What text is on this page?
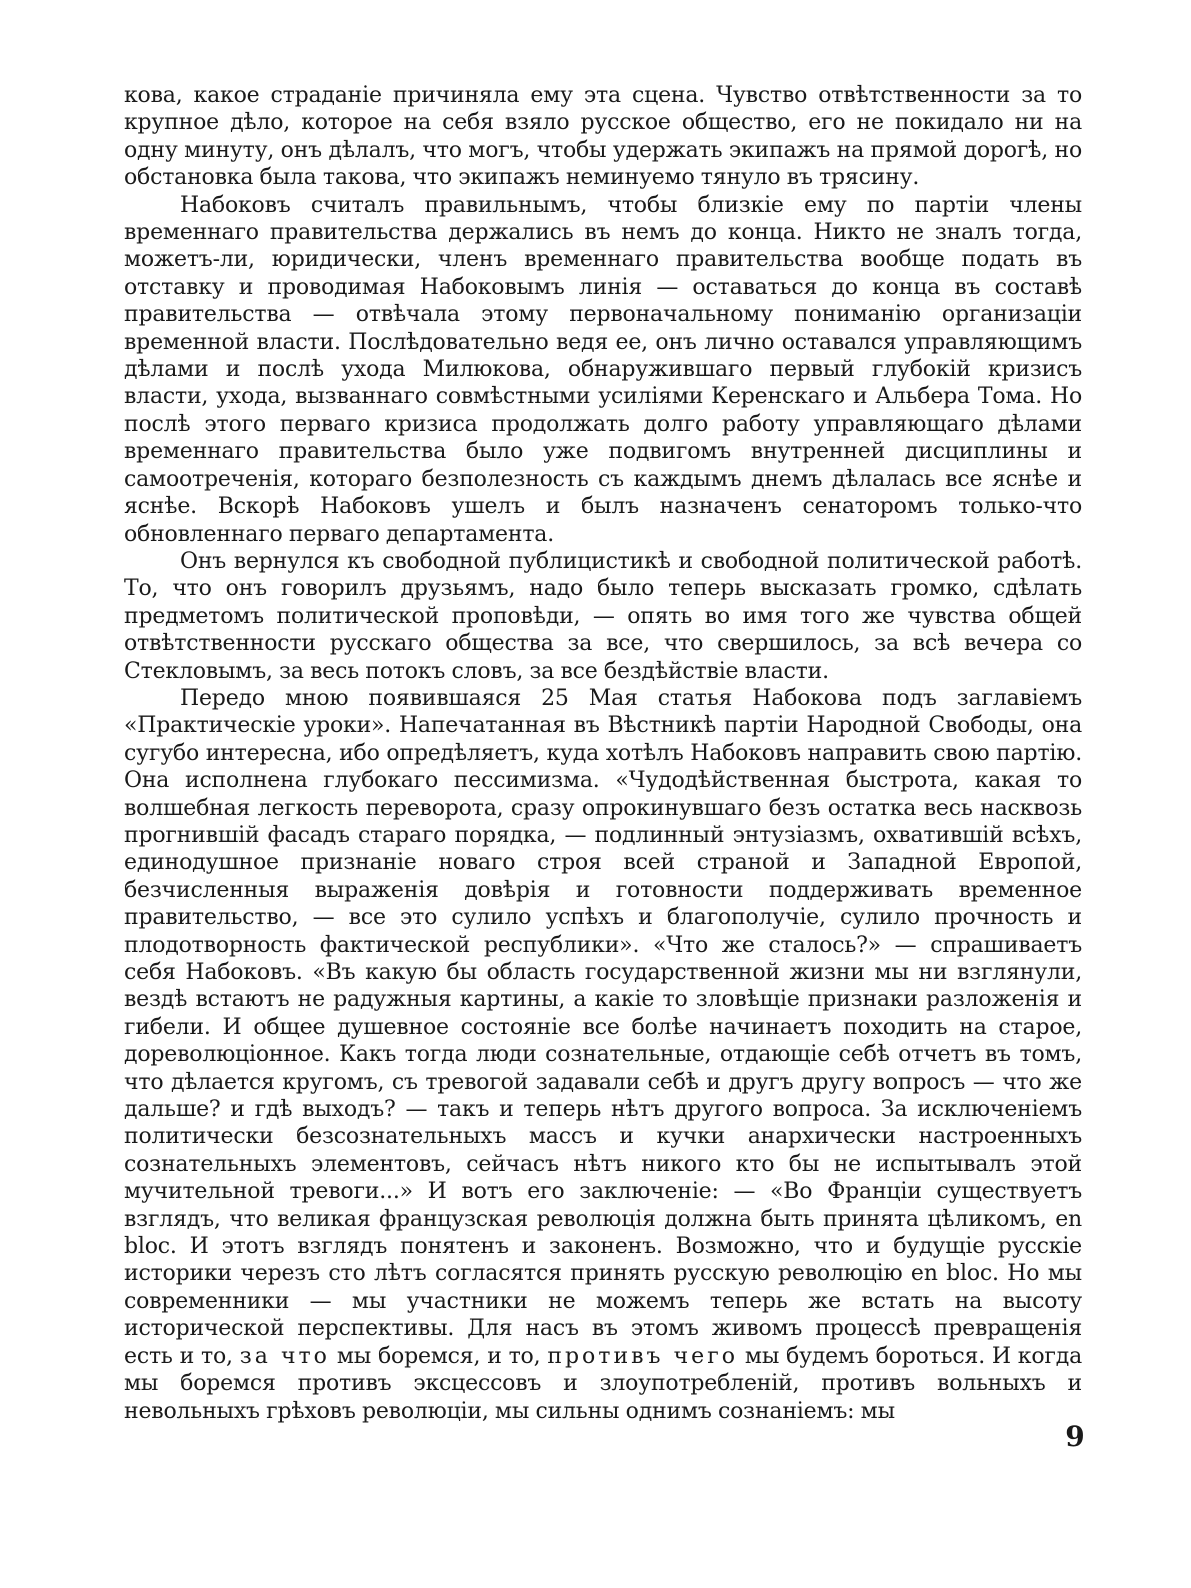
кова, какое страданіе причиняла ему эта сцена. Чувство отвѣтственности за то крупное дѣло, которое на себя взяло русское общество, его не покидало ни на одну минуту, онъ дѣлалъ, что могъ, чтобы удержать экипажъ на прямой дорогѣ, но обстановка была такова, что экипажъ неминуемо тянуло въ трясину.

Набоковъ считалъ правильнымъ, чтобы близкіе ему по партіи члены временнаго правительства держались въ немъ до конца. Никто не зналъ тогда, можетъ-ли, юридически, членъ временнаго правительства вообще подать въ отставку и проводимая Набоковымъ линія — оставаться до конца въ составѣ правительства — отвѣчала этому первоначальному пониманію организаціи временной власти. Послѣдовательно ведя ее, онъ лично оставался управляющимъ дѣлами и послѣ ухода Милюкова, обнаружившаго первый глубокій кризисъ власти, ухода, вызваннаго совмѣстными усиліями Керенскаго и Альбера Тома. Но послѣ этого перваго кризиса продолжать долго работу управляющаго дѣлами временнаго правительства было уже подвигомъ внутренней дисциплины и самоотреченія, котораго безполезность съ каждымъ днемъ дѣлалась все яснѣе и яснѣе. Вскорѣ Набоковъ ушелъ и былъ назначенъ сенаторомъ только-что обновленнаго перваго департамента.

Онъ вернулся къ свободной публицистикѣ и свободной политической работѣ. То, что онъ говорилъ друзьямъ, надо было теперь высказать громко, сдѣлать предметомъ политической проповѣди, — опять во имя того же чувства общей отвѣтственности русскаго общества за все, что свершилось, за всѣ вечера со Стекловымъ, за весь потокъ словъ, за все бездѣйствіе власти.

Передо мною появившаяся 25 Мая статья Набокова подъ заглавіемъ «Практическіе уроки». Напечатанная въ Вѣстникѣ партіи Народной Свободы, она сугубо интересна, ибо опредѣляетъ, куда хотѣлъ Набоковъ направить свою партію. Она исполнена глубокаго пессимизма. «Чудодѣйственная быстрота, какая то волшебная легкость переворота, сразу опрокинувшаго безъ остатка весь насквозь прогнившій фасадъ стараго порядка, — подлинный энтузіазмъ, охватившій всѣхъ, единодушное признаніе новаго строя всей страной и Западной Европой, безчисленныя выраженія довѣрія и готовности поддерживать временное правительство, — все это сулило успѣхъ и благополучіе, сулило прочность и плодотворность фактической республики». «Что же сталось?» — спрашиваетъ себя Набоковъ. «Въ какую бы область государственной жизни мы ни взглянули, вездѣ встаютъ не радужныя картины, а какіе то зловѣщіе признаки разложенія и гибели. И общее душевное состояніе все болѣе начинаетъ походить на старое, дореволюціонное. Какъ тогда люди сознательные, отдающіе себѣ отчетъ въ томъ, что дѣлается кругомъ, съ тревогой задавали себѣ и другъ другу вопросъ — что же дальше? и гдѣ выходъ? — такъ и теперь нѣтъ другого вопроса. За исключеніемъ политически безсознательныхъ массъ и кучки анархически настроенныхъ сознательныхъ элементовъ, сейчасъ нѣтъ никого кто бы не испытывалъ этой мучительной тревоги...» И вотъ его заключеніе: — «Во Франціи существуетъ взглядъ, что великая французская революція должна быть принята цѣликомъ, en bloc. И этотъ взглядъ понятенъ и законенъ. Возможно, что и будущіе русскіе историки черезъ сто лѣтъ согласятся принять русскую революцію en bloc. Но мы современники — мы участники не можемъ теперь же встать на высоту исторической перспективы. Для насъ въ этомъ живомъ процессѣ превращенія есть и то, за что мы боремся, и то, противъ чего мы будемъ бороться. И когда мы боремся противъ эксцессовъ и злоупотребленій, противъ вольныхъ и невольныхъ грѣховъ революціи, мы сильны однимъ сознаніемъ: мы

9
